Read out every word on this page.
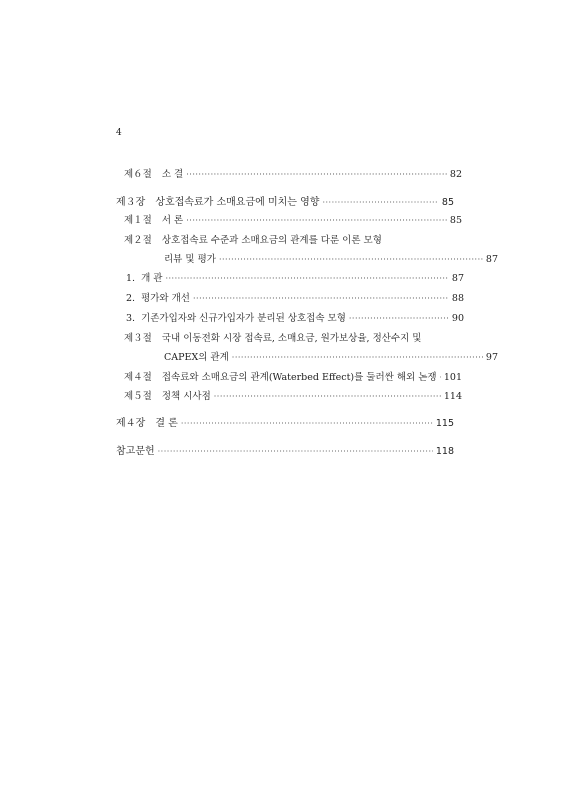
4
제６절 소 결 ·····	82
제３장 상호접속료가 소매요금에 미치는 영향 ·····	85
제１절 서 론 ·····	85
제２절 상호접속료 수준과 소매요금의 관계를 다룬 이론 모형
리뷰 및 평가 ·····	87
1. 개 관 ·····	87
2. 평가와 개선 ·····	88
3. 기존가입자와 신규가입자가 분리된 상호접속 모형 ·····	90
제３절 국내 이동전화 시장 접속료, 소매요금, 원가보상율, 정산수지 및
CAPEX의 관계 ·····	97
제４절 접속료와 소매요금의 관계(Waterbed Effect)를 둘러싼 해외 논쟁 ····· 101
제５절 정책 시사점 ·····	114
제４장 결 론 ·····	115
참고문헌 ·····	118
